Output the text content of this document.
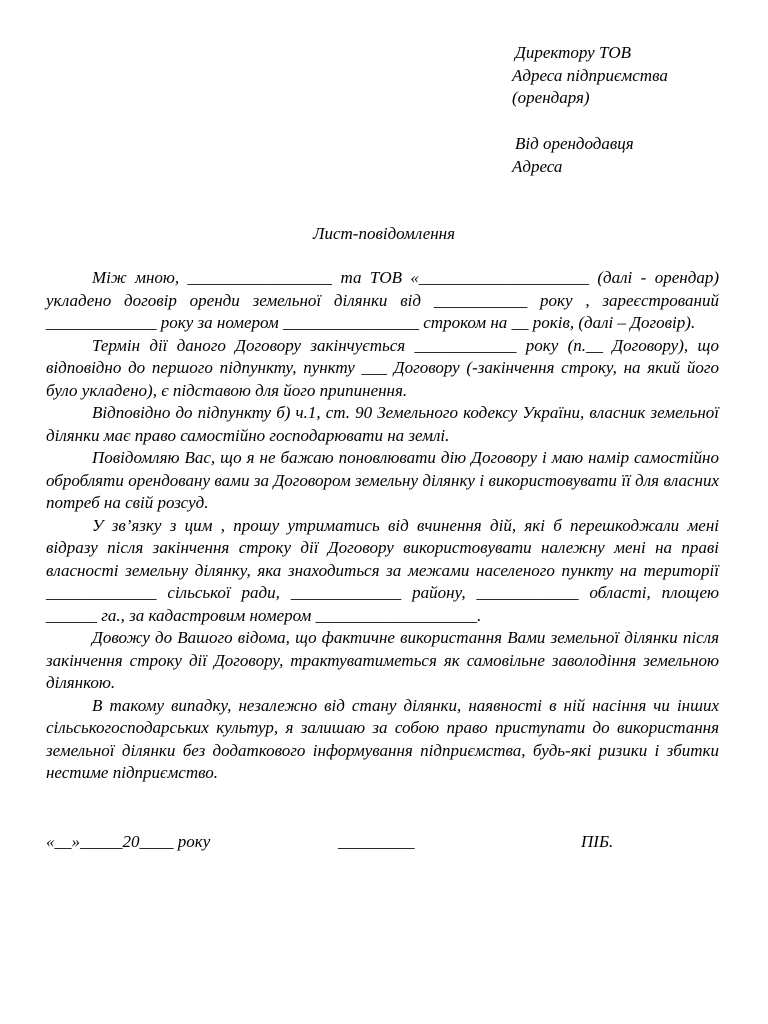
Директору ТОВ
Адреса підприємства
(орендаря)
Від орендодавця
Адреса
Лист-повідомлення

Між мною, _________________ та ТОВ «____________________ (далі - орендар) укладено договір оренди земельної ділянки від ___________ року , зареєстрований _____________ року за номером ________________ строком на __ років, (далі – Договір).

Термін дії даного Договору закінчується ____________ року (п.__ Договору), що відповідно до першого підпункту, пункту ___ Договору (-закінчення строку, на який його було укладено), є підставою для його припинення.

Відповідно до підпункту б) ч.1, ст. 90 Земельного кодексу України, власник земельної ділянки має право самостійно господарювати на землі.

Повідомляю Вас, що я не бажаю поновлювати дію Договору і маю намір самостійно обробляти орендовану вами за Договором земельну ділянку і використовувати її для власних потреб на свій розсуд.

У зв’язку з цим , прошу утриматись від вчинення дій, які б перешкоджали мені відразу після закінчення строку дії Договору використовувати належну мені на праві власності земельну ділянку, яка знаходиться за межами населеного пункту на території _____________ сільської ради, _____________ району, ____________ області, площею ______ га., за кадастровим номером ___________________.

Довожу до Вашого відома, що фактичне використання Вами земельної ділянки після закінчення строку дії Договору, трактуватиметься як самовільне заволодіння земельною ділянкою.

В такому випадку, незалежно від стану ділянки, наявності в ній насіння чи інших сільськогосподарських культур, я залишаю за собою право приступати до використання земельної ділянки без додаткового інформування підприємства, будь-які ризики і збитки нестиме підприємство.

«__»_____20____ року	_________	ПІБ.
